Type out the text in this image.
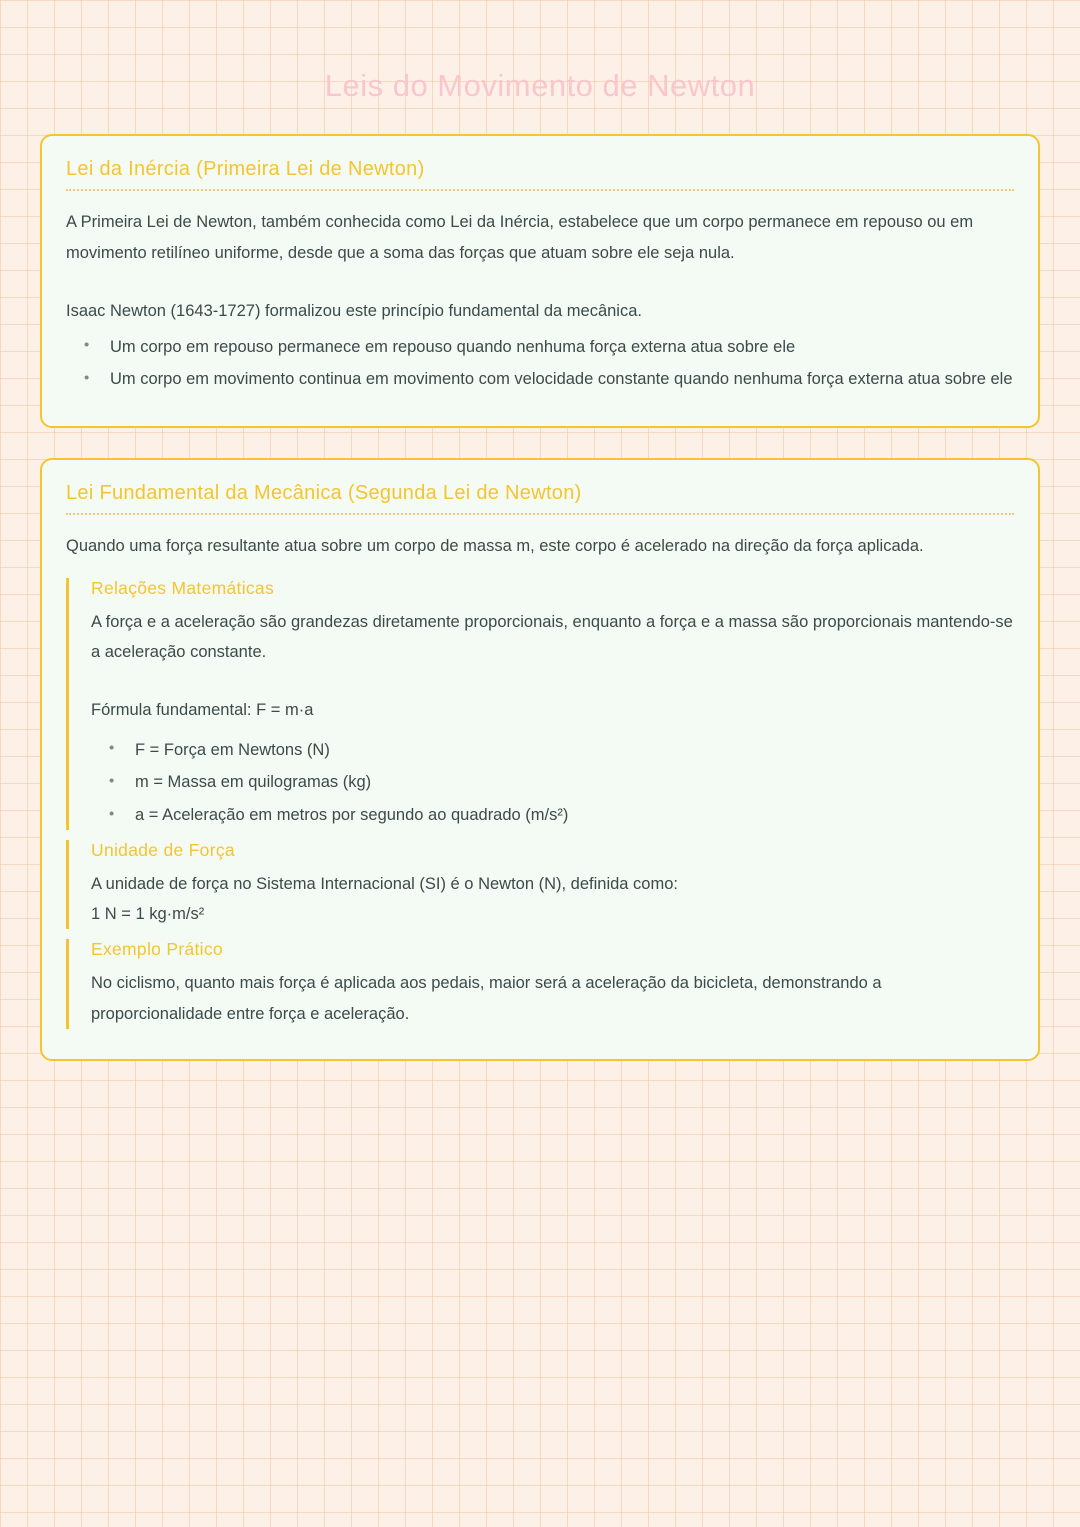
Leis do Movimento de Newton
Lei da Inércia (Primeira Lei de Newton)

A Primeira Lei de Newton, também conhecida como Lei da Inércia, estabelece que um corpo permanece em repouso ou em movimento retilíneo uniforme, desde que a soma das forças que atuam sobre ele seja nula.

Isaac Newton (1643-1727) formalizou este princípio fundamental da mecânica.

• Um corpo em repouso permanece em repouso quando nenhuma força externa atua sobre ele
• Um corpo em movimento continua em movimento com velocidade constante quando nenhuma força externa atua sobre ele
Lei Fundamental da Mecânica (Segunda Lei de Newton)

Quando uma força resultante atua sobre um corpo de massa m, este corpo é acelerado na direção da força aplicada.

Relações Matemáticas

A força e a aceleração são grandezas diretamente proporcionais, enquanto a força e a massa são proporcionais mantendo-se a aceleração constante.

Fórmula fundamental: F = m·a

• F = Força em Newtons (N)
• m = Massa em quilogramas (kg)
• a = Aceleração em metros por segundo ao quadrado (m/s²)
Unidade de Força

A unidade de força no Sistema Internacional (SI) é o Newton (N), definida como:

1 N = 1 kg·m/s²

Exemplo Prático

No ciclismo, quanto mais força é aplicada aos pedais, maior será a aceleração da bicicleta, demonstrando a proporcionalidade entre força e aceleração.
